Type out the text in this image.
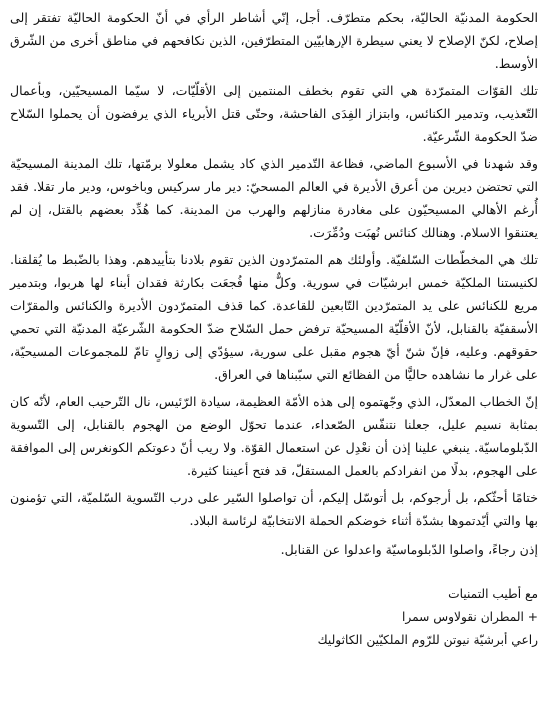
الحكومة المدنيّة الحاليّة، بحكم متطرّف. أجل، إنّي أشاطر الرأي في أنّ الحكومة الحاليّة تفتقر إلى إصلاح، لكنّ الإصلاح لا يعني سيطرة الإرهابيّين المتطرّفين، الذين نكافحهم في مناطق أخرى من الشّرق الأوسط.

تلك القوّات المتمرّدة هي التي تقوم بخطف المنتمين إلى الأقلّيّات، لا سيّما المسيحيّين، وبأعمال التّعذيب، وتدمير الكنائس، وابتزاز الفِدَى الفاحشة، وحتّى قتل الأبرياء الذي يرفضون أن يحملوا السّلاح ضدّ الحكومة الشّرعيّة.

وقد شهدنا في الأسبوع الماضي، فظاعة التّدمير الذي كاد يشمل معلولا برمّتها، تلك المدينة المسيحيّة التي تحتضن ديرين من أعرق الأديرة في العالم المسحيّ: دير مار سركيس وباخوس، ودير مار تقلا. فقد أُرغم الأهالي المسيحيّون على مغادرة منازلهم والهرب من المدينة. كما هُدِّد بعضهم بالقتل، إن لم يعتنقوا الاسلام. وهنالك كنائس نُهبَت ودُمِّرَت.

تلك هي المخطّطات السّلفيّة. وأولئك هم المتمرّدون الذين تقوم بلادنا بتأييدهم. وهذا بالضّبط ما يُقلقنا. لكنيستنا الملكيّة خمس ابرشيّات في سورية. وكلٌّ منها فُجعَت بكارثة فقدان أبناء لها هربوا، وبتدمير مريع للكنائس على يد المتمرّدين التّابعين للقاعدة. كما قذف المتمرّدون الأديرة والكنائس والمقرّات الأسقفيّة بالقنابل، لأنّ الأقلّيّة المسيحيّة ترفض حمل السّلاح ضدّ الحكومة الشّرعيّة المدنيّة التي تحمي حقوقهم. وعليه، فإنّ شنّ أيّ هجوم مقبل على سورية، سيؤدّي إلى زوالٍ تامّ للمجموعات المسيحيّة، على غرار ما نشاهده حاليًّا من الفظائع التي سبّبناها في العراق.

إنّ الخطاب المعدّل، الذي وجّهتموه إلى هذه الأمّة العظيمة، سيادة الرّئيس، نال التّرحيب العام، لأنّه كان بمثابة نسيم عليل، جعلنا نتنفّس الصّعداء، عندما تحوّل الوضع من الهجوم بالقنابل، إلى التّسوية الدّبلوماسيّة. ينبغي علينا إذن أن نعْدِل عن استعمال القوّة. ولا ريب أنّ دعوتكم الكونغرس إلى الموافقة على الهجوم، بدلًا من انفرادكم بالعمل المستقلّ، قد فتح أعيننا كثيرة.

ختامًا أحثّكم، بل أرجوكم، بل أتوسّل إليكم، أن تواصلوا السّير على درب التّسوية السّلميّة، التي تؤمنون بها والتي أيّدتموها بشدّة أثناء خوضكم الحملة الانتخابيّة لرئاسة البلاد.

إذن رجاءً، واصلوا الدّبلوماسيّة واعدلوا عن القنابل.

مع أطيب التمنيات
+ المطران نقولاوس سمرا
راعي أبرشيّة نيوتن للرّوم الملكيّين الكاثوليك
